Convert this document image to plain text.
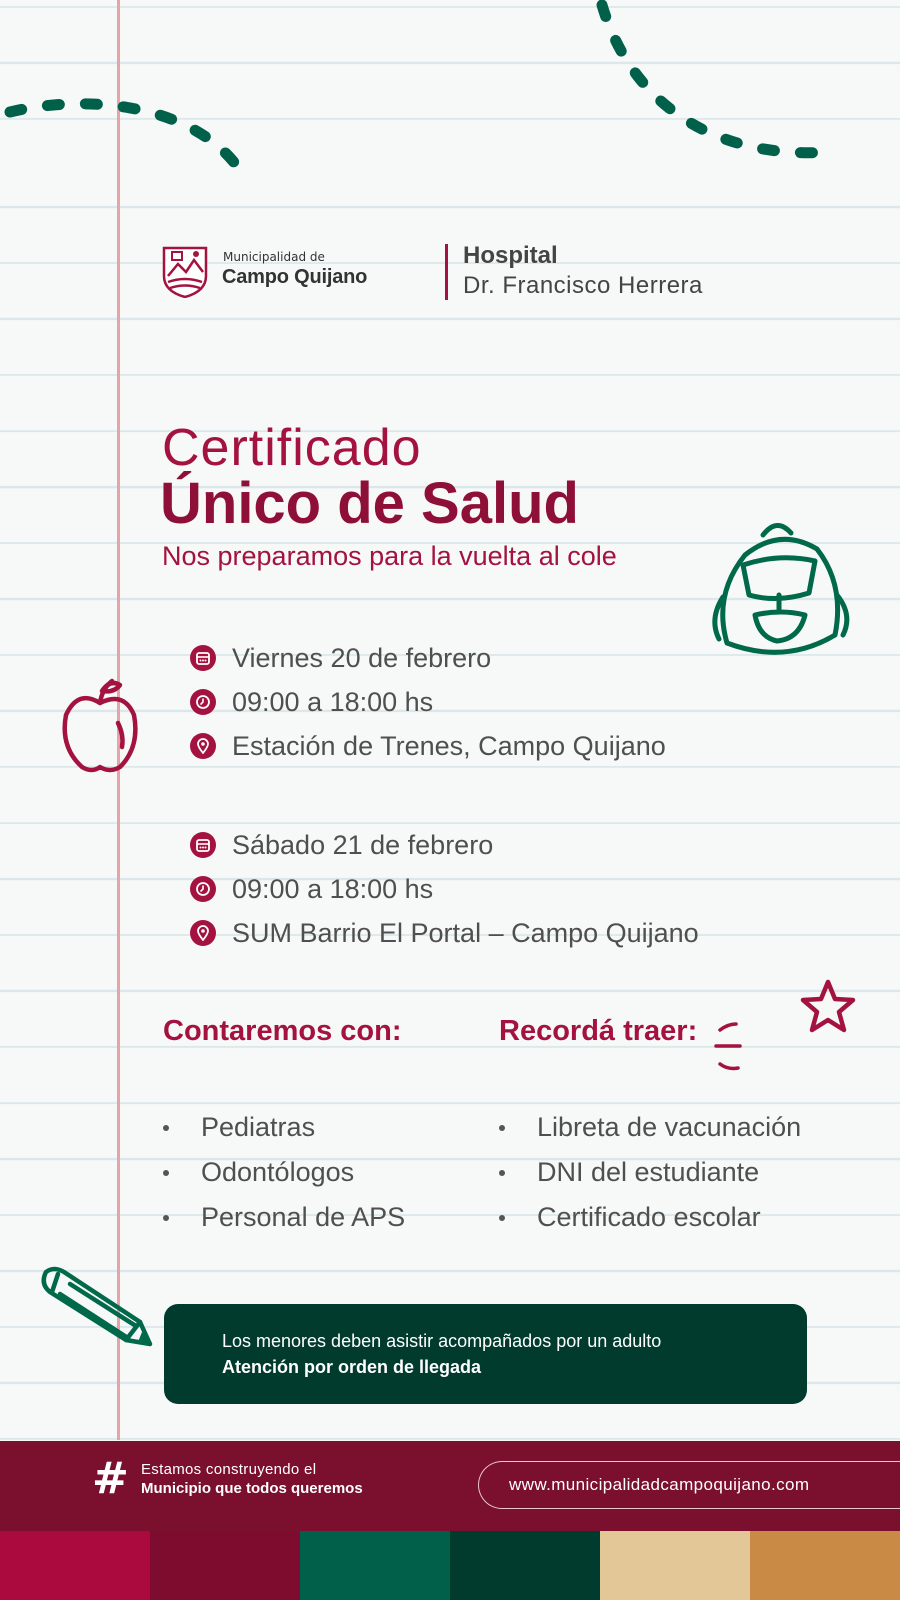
Municipalidad de
Campo Quijano
Hospital
Dr. Francisco Herrera
Certificado
Único de Salud
Nos preparamos para la vuelta al cole
Viernes 20 de febrero
09:00 a 18:00 hs
Estación de Trenes, Campo Quijano
Sábado 21 de febrero
09:00 a 18:00 hs
SUM Barrio El Portal – Campo Quijano
Contaremos con:
Pediatras
Odontólogos
Personal de APS
Recordá traer:
Libreta de vacunación
DNI del estudiante
Certificado escolar
Los menores deben asistir acompañados por un adulto
Atención por orden de llegada
# Estamos construyendo el
Municipio que todos queremos	www.municipalidadcampoquijano.com
